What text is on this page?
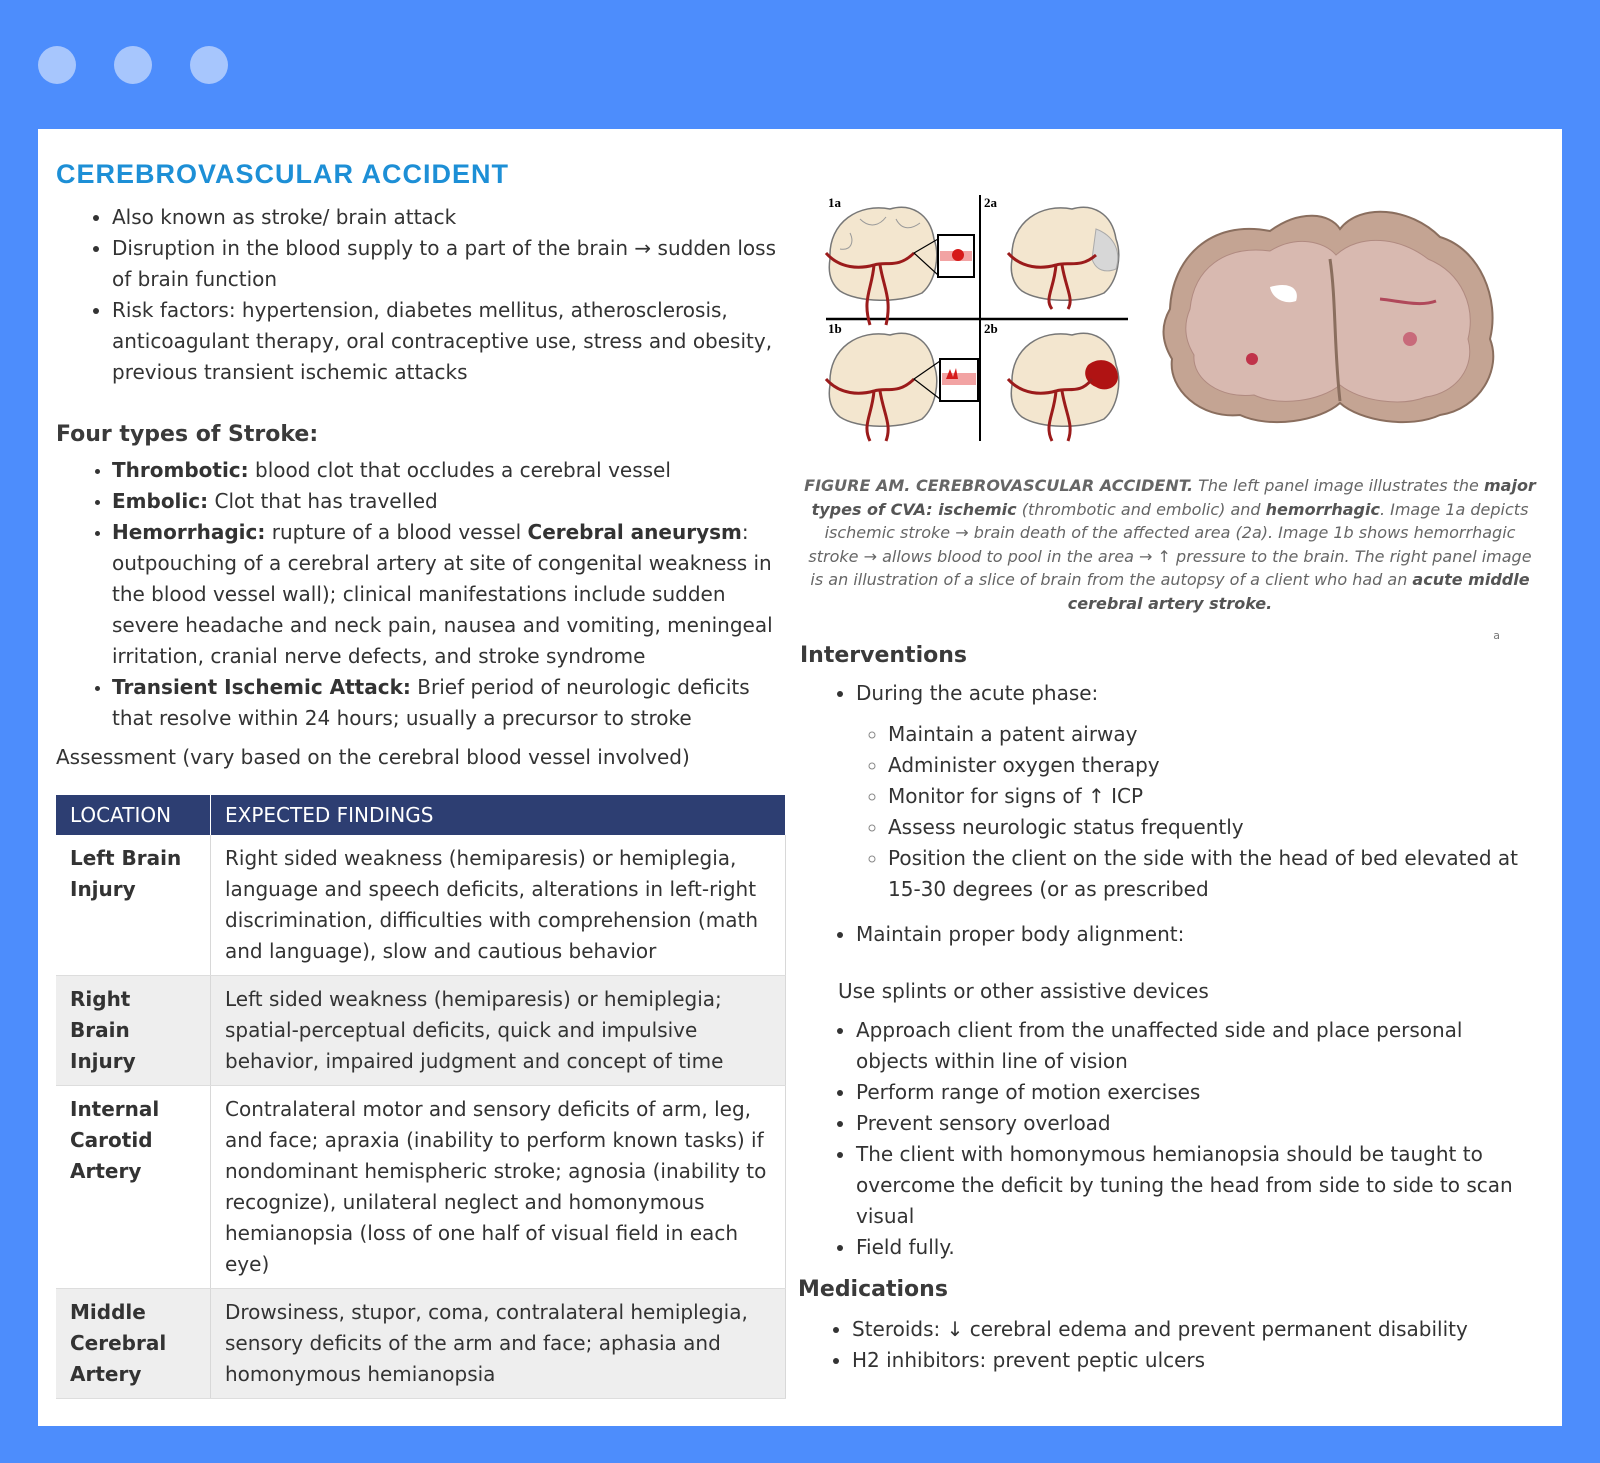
CEREBROVASCULAR ACCIDENT
• Also known as stroke/ brain attack
• Disruption in the blood supply to a part of the brain → sudden loss of brain function
• Risk factors: hypertension, diabetes mellitus, atherosclerosis, anticoagulant therapy, oral contraceptive use, stress and obesity, previous transient ischemic attacks
Four types of Stroke:
• Thrombotic: blood clot that occludes a cerebral vessel
• Embolic: Clot that has travelled
• Hemorrhagic: rupture of a blood vessel Cerebral aneurysm: outpouching of a cerebral artery at site of congenital weakness in the blood vessel wall); clinical manifestations include sudden severe headache and neck pain, nausea and vomiting, meningeal irritation, cranial nerve defects, and stroke syndrome
• Transient Ischemic Attack: Brief period of neurologic deficits that resolve within 24 hours; usually a precursor to stroke
Assessment (vary based on the cerebral blood vessel involved)
LOCATION	EXPECTED FINDINGS
Left Brain Injury	Right sided weakness (hemiparesis) or hemiplegia, language and speech deficits, alterations in left-right discrimination, difficulties with comprehension (math and language), slow and cautious behavior
Right Brain Injury	Left sided weakness (hemiparesis) or hemiplegia; spatial-perceptual deficits, quick and impulsive behavior, impaired judgment and concept of time
Internal Carotid Artery	Contralateral motor and sensory deficits of arm, leg, and face; apraxia (inability to perform known tasks) if nondominant hemispheric stroke; agnosia (inability to recognize), unilateral neglect and homonymous hemianopsia (loss of one half of visual field in each eye)
Middle Cerebral Artery	Drowsiness, stupor, coma, contralateral hemiplegia, sensory deficits of the arm and face; aphasia and homonymous hemianopsia
1a	2a
1b	2b
FIGURE AM. CEREBROVASCULAR ACCIDENT. The left panel image illustrates the major types of CVA: ischemic (thrombotic and embolic) and hemorrhagic. Image 1a depicts ischemic stroke → brain death of the affected area (2a). Image 1b shows hemorrhagic stroke → allows blood to pool in the area → ↑ pressure to the brain. The right panel image is an illustration of a slice of brain from the autopsy of a client who had an acute middle cerebral artery stroke.
a
Interventions
• During the acute phase:
◦ Maintain a patent airway
◦ Administer oxygen therapy
◦ Monitor for signs of ↑ ICP
◦ Assess neurologic status frequently
◦ Position the client on the side with the head of bed elevated at 15-30 degrees (or as prescribed
• Maintain proper body alignment:
Use splints or other assistive devices
• Approach client from the unaffected side and place personal objects within line of vision
• Perform range of motion exercises
• Prevent sensory overload
• The client with homonymous hemianopsia should be taught to overcome the deficit by tuning the head from side to side to scan visual
• Field fully.
Medications
• Steroids: ↓ cerebral edema and prevent permanent disability
• H2 inhibitors: prevent peptic ulcers
